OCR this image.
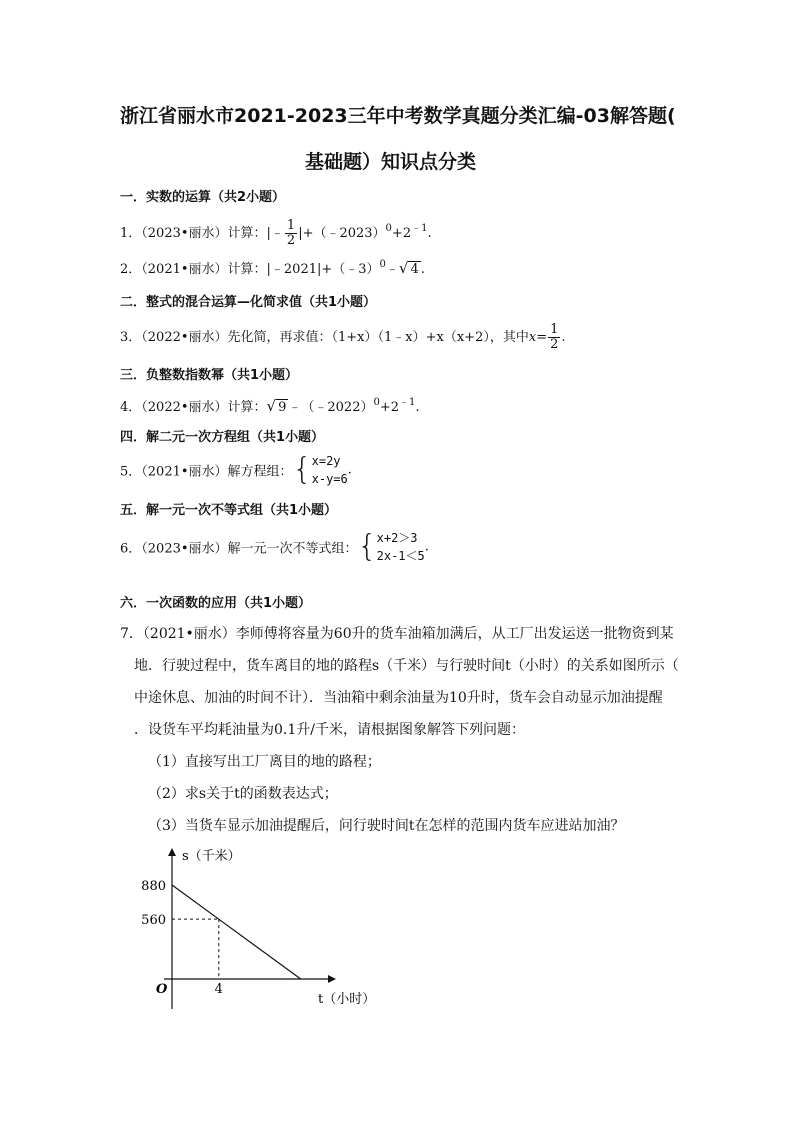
浙江省丽水市2021-2023三年中考数学真题分类汇编-03解答题(
基础题）知识点分类
一．实数的运算（共2小题）
1．（2023•丽水）计算：|﹣ $\frac{1}{2}$ $|+(﹣2023)^0+2^{﹣1}$.
2．（2021•丽水）计算：|﹣2021|+（﹣3）$^0$﹣√ 4 .
二．整式的混合运算—化简求值（共1小题）
3．（2022•丽水）先化简，再求值：（1+x）（1﹣x）+x（x+2），其中$x= \frac{1}{2}$ .
三．负整数指数幂（共1小题）
4．（2022•丽水）计算：√ 9 $﹣(﹣2022)^0+2^{﹣1}$.
四．解二元一次方程组（共1小题）
5．（2021•丽水）解方程组：{ x=2y
x-y=6
.
五．解一元一次不等式组（共1小题）
6．（2023•丽水）解一元一次不等式组：{ x+2＞3
2x-1＜5
.
六．一次函数的应用（共1小题）
7．（2021•丽水）李师傅将容量为60升的货车油箱加满后，从工厂出发运送一批物资到某
地．行驶过程中，货车离目的地的路程s（千米）与行驶时间t（小时）的关系如图所示（
中途休息、加油的时间不计）．当油箱中剩余油量为10升时，货车会自动显示加油提醒
．设货车平均耗油量为0.1升/千米，请根据图象解答下列问题：
（1）直接写出工厂离目的地的路程；
（2）求s关于t的函数表达式；
（3）当货车显示加油提醒后，问行驶时间t在怎样的范围内货车应进站加油？
s（千米）
t（小时）
O
880
560
4
